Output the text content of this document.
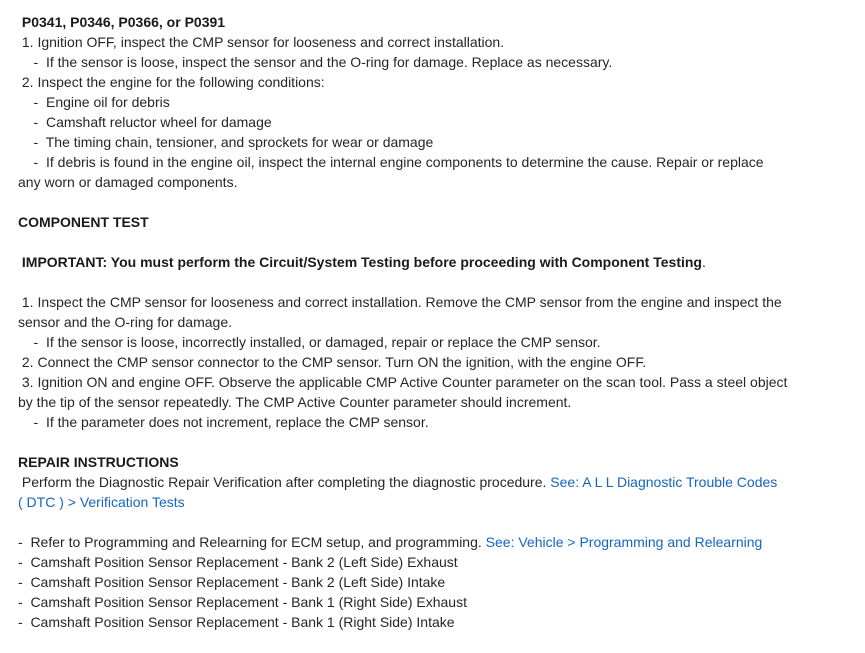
P0341, P0346, P0366, or P0391
1. Ignition OFF, inspect the CMP sensor for looseness and correct installation.
-  If the sensor is loose, inspect the sensor and the O-ring for damage. Replace as necessary.
2. Inspect the engine for the following conditions:
-  Engine oil for debris
-  Camshaft reluctor wheel for damage
-  The timing chain, tensioner, and sprockets for wear or damage
-  If debris is found in the engine oil, inspect the internal engine components to determine the cause. Repair or replace
any worn or damaged components.
COMPONENT TEST
IMPORTANT: You must perform the Circuit/System Testing before proceeding with Component Testing.
1. Inspect the CMP sensor for looseness and correct installation. Remove the CMP sensor from the engine and inspect the
sensor and the O-ring for damage.
-  If the sensor is loose, incorrectly installed, or damaged, repair or replace the CMP sensor.
2. Connect the CMP sensor connector to the CMP sensor. Turn ON the ignition, with the engine OFF.
3. Ignition ON and engine OFF. Observe the applicable CMP Active Counter parameter on the scan tool. Pass a steel object
by the tip of the sensor repeatedly. The CMP Active Counter parameter should increment.
-  If the parameter does not increment, replace the CMP sensor.
REPAIR INSTRUCTIONS
Perform the Diagnostic Repair Verification after completing the diagnostic procedure. See: A L L Diagnostic Trouble Codes
( DTC ) > Verification Tests
-  Refer to Programming and Relearning for ECM setup, and programming. See: Vehicle > Programming and Relearning
-  Camshaft Position Sensor Replacement - Bank 2 (Left Side) Exhaust
-  Camshaft Position Sensor Replacement - Bank 2 (Left Side) Intake
-  Camshaft Position Sensor Replacement - Bank 1 (Right Side) Exhaust
-  Camshaft Position Sensor Replacement - Bank 1 (Right Side) Intake
